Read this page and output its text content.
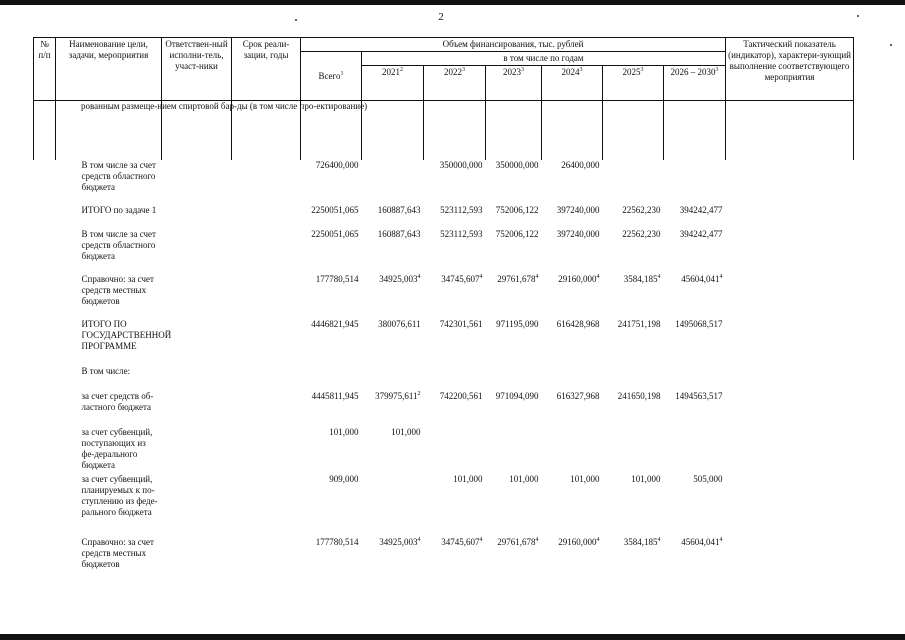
2
№ п/п	Наименование цели, задачи, мероприятия	Ответствен-ный исполни-тель, участ-ники	Срок реали-зации, годы	Объем финансирования, тыс. рублей							Тактический показатель (индикатор), характери-зующий выполнение соответствующего мероприятия
				Всего$^1$	в том числе по годам						
					2021$^2$	2022$^3$	2023$^3$	2024$^3$	2025$^3$	2026 – 2030$^3$
	рованным размеще-нием спиртовой бар-ды (в том числе про-ектирование)										
	В том числе за счет средств областного бюджета			726400,000		350000,000	350000,000	26400,000			
	ИТОГО по задаче 1			2250051,065	160887,643	523112,593	752006,122	397240,000	22562,230	394242,477	
	В том числе за счет средств областного бюджета			2250051,065	160887,643	523112,593	752006,122	397240,000	22562,230	394242,477	
	Справочно: за счет средств местных бюджетов			177780,514	34925,003$^4$	34745,607$^4$	29761,678$^4$	29160,000$^4$	3584,185$^4$	45604,041$^4$	
	ИТОГО ПО ГОСУДАРСТВЕННОЙ ПРОГРАММЕ			4446821,945	380076,611	742301,561	971195,090	616428,968	241751,198	1495068,517	
	В том числе:										
	за счет средств об-ластного бюджета			4445811,945	379975,611$^2$	742200,561	971094,090	616327,968	241650,198	1494563,517	
	за счет субвенций, поступающих из фе-дерального бюджета			101,000	101,000						
	за счет субвенций, планируемых к по-ступлению из феде-рального бюджета			909,000		101,000	101,000	101,000	101,000	505,000	
	Справочно: за счет средств местных бюджетов			177780,514	34925,003$^4$	34745,607$^4$	29761,678$^4$	29160,000$^4$	3584,185$^4$	45604,041$^4$	
